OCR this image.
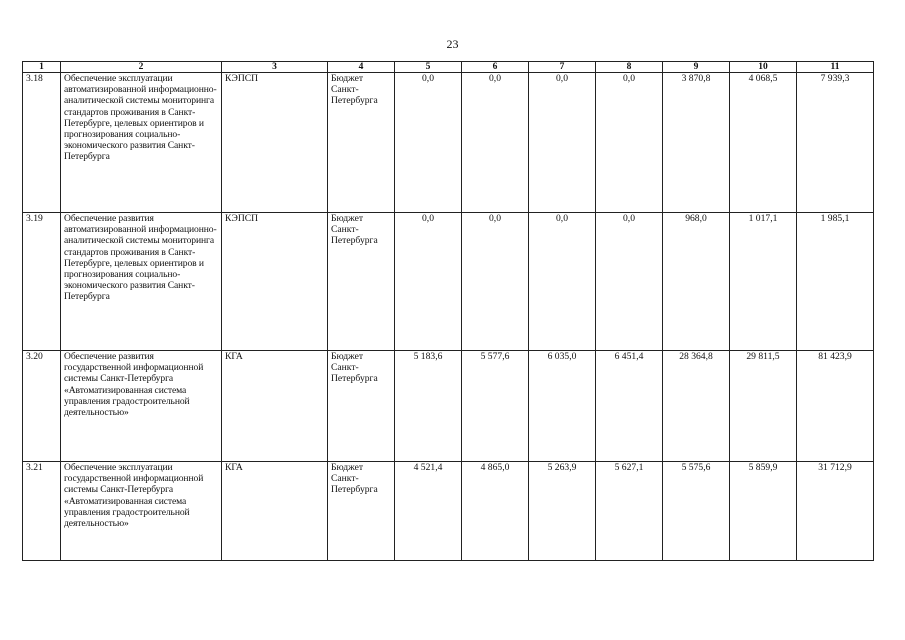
23
1	2	3	4	5	6	7	8	9	10	11
3.18	Обеспечение эксплуатации автоматизированной информационно-аналитической системы мониторинга стандартов проживания в Санкт-Петербурге, целевых ориентиров и прогнозирования социально-экономического развития Санкт-Петербурга	КЭПСП	Бюджет Санкт-Петербурга	0,0	0,0	0,0	0,0	3 870,8	4 068,5	7 939,3
3.19	Обеспечение развития автоматизированной информационно-аналитической системы мониторинга стандартов проживания в Санкт-Петербурге, целевых ориентиров и прогнозирования социально-экономического развития Санкт-Петербурга	КЭПСП	Бюджет Санкт-Петербурга	0,0	0,0	0,0	0,0	968,0	1 017,1	1 985,1
3.20	Обеспечение развития государственной информационной системы Санкт-Петербурга «Автоматизированная система управления градостроительной деятельностью»	КГА	Бюджет Санкт-Петербурга	5 183,6	5 577,6	6 035,0	6 451,4	28 364,8	29 811,5	81 423,9
3.21	Обеспечение эксплуатации государственной информационной системы Санкт-Петербурга «Автоматизированная система управления градостроительной деятельностью»	КГА	Бюджет Санкт-Петербурга	4 521,4	4 865,0	5 263,9	5 627,1	5 575,6	5 859,9	31 712,9
